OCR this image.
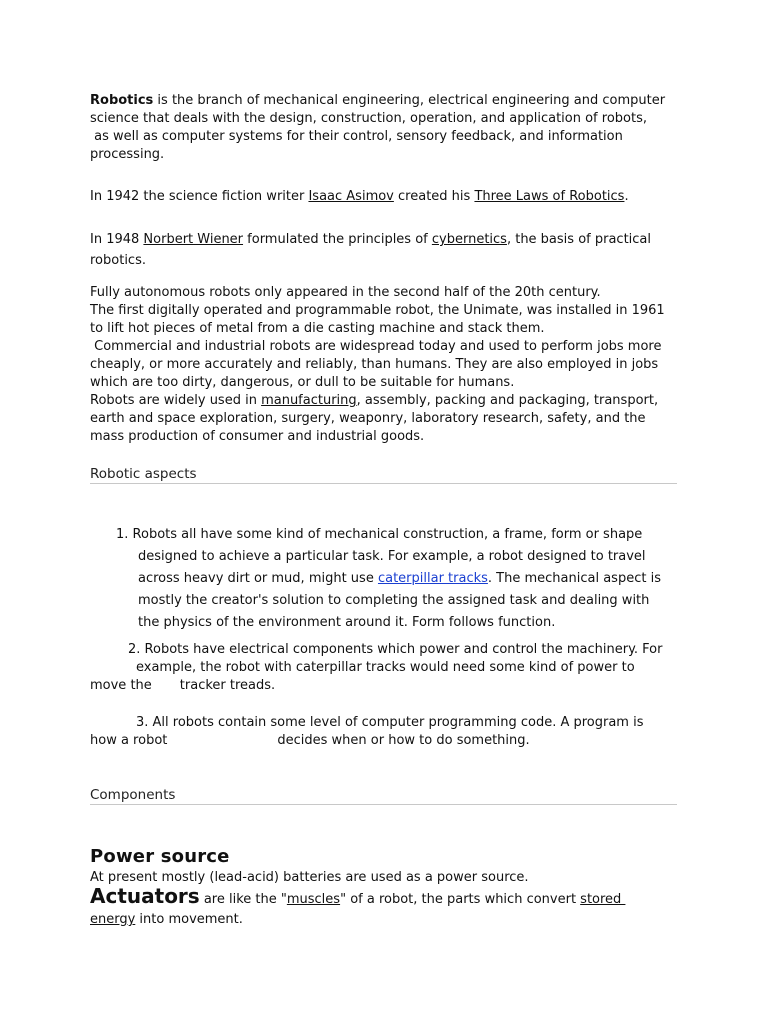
Robotics is the branch of mechanical engineering, electrical engineering and computer
science that deals with the design, construction, operation, and application of robots,
as well as computer systems for their control, sensory feedback, and information
processing.

In 1942 the science fiction writer Isaac Asimov created his Three Laws of Robotics.

In 1948 Norbert Wiener formulated the principles of cybernetics, the basis of practical
robotics.

Fully autonomous robots only appeared in the second half of the 20th century.
The first digitally operated and programmable robot, the Unimate, was installed in 1961
to lift hot pieces of metal from a die casting machine and stack them.
Commercial and industrial robots are widespread today and used to perform jobs more
cheaply, or more accurately and reliably, than humans. They are also employed in jobs
which are too dirty, dangerous, or dull to be suitable for humans.
Robots are widely used in manufacturing, assembly, packing and packaging, transport,
earth and space exploration, surgery, weaponry, laboratory research, safety, and the
mass production of consumer and industrial goods.

Robotic aspects

1. Robots all have some kind of mechanical construction, a frame, form or shape
designed to achieve a particular task. For example, a robot designed to travel
across heavy dirt or mud, might use caterpillar tracks. The mechanical aspect is
mostly the creator's solution to completing the assigned task and dealing with
the physics of the environment around it. Form follows function.

2. Robots have electrical components which power and control the machinery. For
example, the robot with caterpillar tracks would need some kind of power to
move the tracker treads.

3. All robots contain some level of computer programming code. A program is
how a robot	decides when or how to do something.

Components
Power source

At present mostly (lead-acid) batteries are used as a power source.

Actuators are like the "muscles" of a robot, the parts which convert stored
energy into movement.
